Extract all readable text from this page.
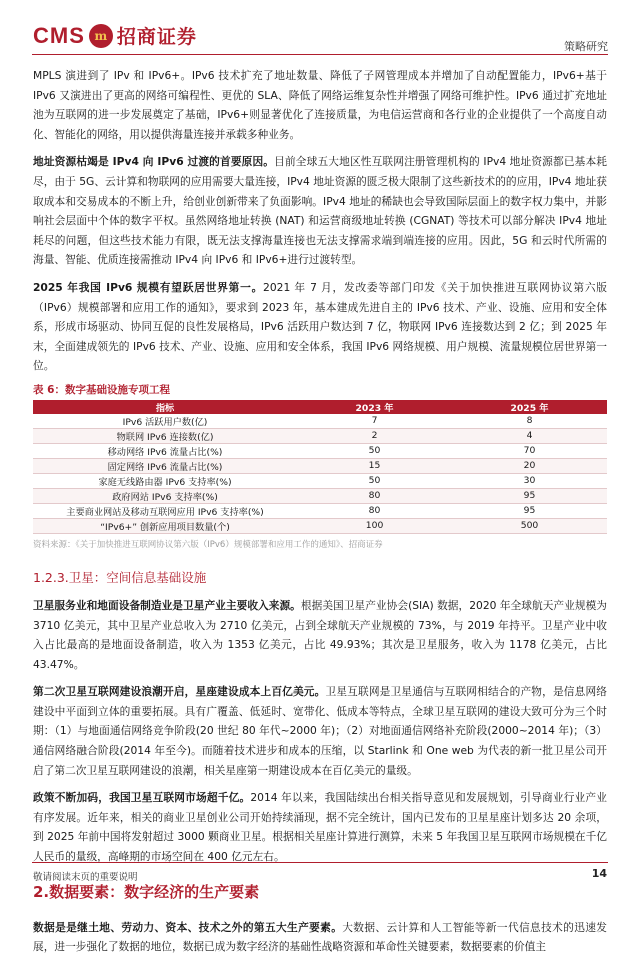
CMS m 招商证券	策略研究

MPLS 演进到了 IPv 和 IPv6+。IPv6 技术扩充了地址数量、降低了子网管理成本并增加了自动配置能力，IPv6+基于 IPv6 又演进出了更高的网络可编程性、更优的 SLA、降低了网络运维复杂性并增强了网络可维护性。IPv6 通过扩充地址池为互联网的进一步发展奠定了基础，IPv6+则显著优化了连接质量，为电信运营商和各行业的企业提供了一个高度自动化、智能化的网络，用以提供海量连接并承载多种业务。

地址资源枯竭是 IPv4 向 IPv6 过渡的首要原因。目前全球五大地区性互联网注册管理机构的 IPv4 地址资源都已基本耗尽，由于 5G、云计算和物联网的应用需要大量连接，IPv4 地址资源的匮乏极大限制了这些新技术的的应用，IPv4 地址获取成本和交易成本的不断上升，给创业创新带来了负面影响。IPv4 地址的稀缺也会导致国际层面上的数字权力集中，并影响社会层面中个体的数字平权。虽然网络地址转换 (NAT) 和运营商级地址转换 (CGNAT) 等技术可以部分解决 IPv4 地址耗尽的问题，但这些技术能力有限，既无法支撑海量连接也无法支撑需求端到端连接的应用。因此，5G 和云时代所需的海量、智能、优质连接需推动 IPv4 向 IPv6 和 IPv6+进行过渡转型。

2025 年我国 IPv6 规模有望跃居世界第一。2021 年 7 月，发改委等部门印发《关于加快推进互联网协议第六版（IPv6）规模部署和应用工作的通知》，要求到 2023 年，基本建成先进自主的 IPv6 技术、产业、设施、应用和安全体系，形成市场驱动、协同互促的良性发展格局，IPv6 活跃用户数达到 7 亿，物联网 IPv6 连接数达到 2 亿；到 2025 年末，全面建成领先的 IPv6 技术、产业、设施、应用和安全体系，我国 IPv6 网络规模、用户规模、流量规模位居世界第一位。

表 6：数字基础设施专项工程
指标	2023 年	2025 年
IPv6 活跃用户数(亿)	7	8
物联网 IPv6 连接数(亿)	2	4
移动网络 IPv6 流量占比(%)	50	70
固定网络 IPv6 流量占比(%)	15	20
家庭无线路由器 IPv6 支持率(%)	50	30
政府网站 IPv6 支持率(%)	80	95
主要商业网站及移动互联网应用 IPv6 支持率(%)	80	95
“IPv6+” 创新应用项目数量(个)	100	500
资料来源：《关于加快推进互联网协议第六版（IPv6）规模部署和应用工作的通知》、招商证券
1.2.3.卫星：空间信息基础设施

卫星服务业和地面设备制造业是卫星产业主要收入来源。根据美国卫星产业协会(SIA) 数据，2020 年全球航天产业规模为 3710 亿美元，其中卫星产业总收入为 2710 亿美元，占到全球航天产业规模的 73%，与 2019 年持平。卫星产业中收入占比最高的是地面设备制造，收入为 1353 亿美元，占比 49.93%；其次是卫星服务，收入为 1178 亿美元，占比 43.47%。

第二次卫星互联网建设浪潮开启，星座建设成本上百亿美元。卫星互联网是卫星通信与互联网相结合的产物，是信息网络建设中平面到立体的重要拓展。具有广覆盖、低延时、宽带化、低成本等特点，全球卫星互联网的建设大致可分为三个时期：（1）与地面通信网络竞争阶段(20 世纪 80 年代~2000 年)；（2）对地面通信网络补充阶段(2000~2014 年)；（3）通信网络融合阶段(2014 年至今)。而随着技术进步和成本的压缩，以 Starlink 和 One web 为代表的新一批卫星公司开启了第二次卫星互联网建设的浪潮，相关星座第一期建设成本在百亿美元的量级。

政策不断加码，我国卫星互联网市场超千亿。2014 年以来，我国陆续出台相关指导意见和发展规划，引导商业行业产业有序发展。近年来，相关的商业卫星创业公司开始持续涌现，据不完全统计，国内已发布的卫星星座计划多达 20 余项，到 2025 年前中国将发射超过 3000 颗商业卫星。根据相关星座计算进行测算，未来 5 年我国卫星互联网市场规模在千亿人民币的量级，高峰期的市场空间在 400 亿元左右。

2.数据要素：数字经济的生产要素

数据是是继土地、劳动力、资本、技术之外的第五大生产要素。大数据、云计算和人工智能等新一代信息技术的迅速发展，进一步强化了数据的地位，数据已成为数字经济的基础性战略资源和革命性关键要素，数据要素的价值主

敬请阅读末页的重要说明	14
